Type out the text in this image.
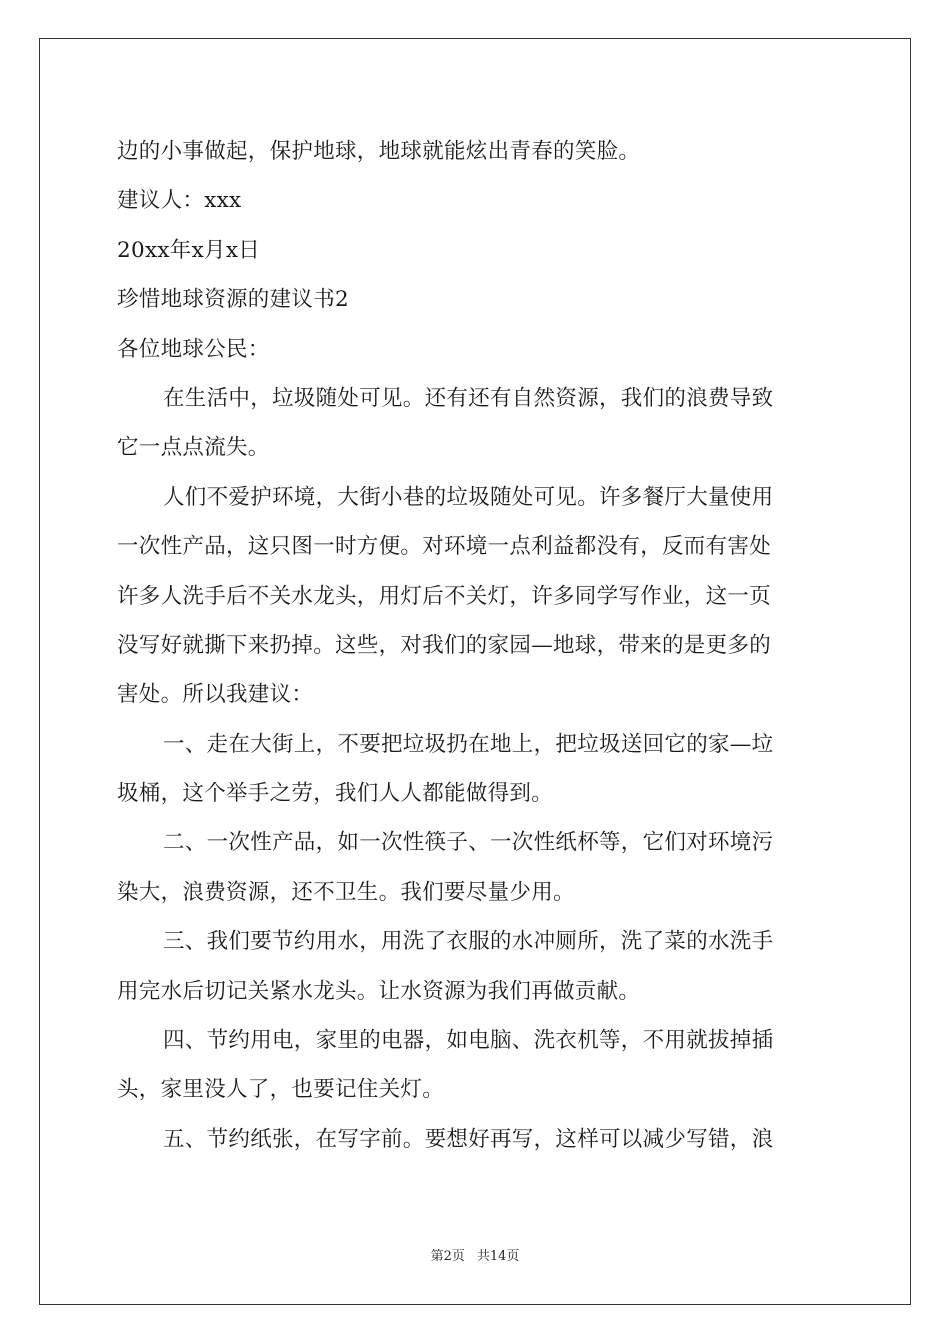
边的小事做起，保护地球，地球就能炫出青春的笑脸。
建议人：xxx
20xx年x月x日
珍惜地球资源的建议书2
各位地球公民：
在生活中，垃圾随处可见。还有还有自然资源，我们的浪费导致
它一点点流失。
人们不爱护环境，大街小巷的垃圾随处可见。许多餐厅大量使用
一次性产品，这只图一时方便。对环境一点利益都没有，反而有害处
许多人洗手后不关水龙头，用灯后不关灯，许多同学写作业，这一页
没写好就撕下来扔掉。这些，对我们的家园—地球，带来的是更多的
害处。所以我建议：
一、走在大街上，不要把垃圾扔在地上，把垃圾送回它的家—垃
圾桶，这个举手之劳，我们人人都能做得到。
二、一次性产品，如一次性筷子、一次性纸杯等，它们对环境污
染大，浪费资源，还不卫生。我们要尽量少用。
三、我们要节约用水，用洗了衣服的水冲厕所，洗了菜的水洗手
用完水后切记关紧水龙头。让水资源为我们再做贡献。
四、节约用电，家里的电器，如电脑、洗衣机等，不用就拔掉插
头，家里没人了，也要记住关灯。
五、节约纸张，在写字前。要想好再写，这样可以减少写错，浪
第2页 共14页
